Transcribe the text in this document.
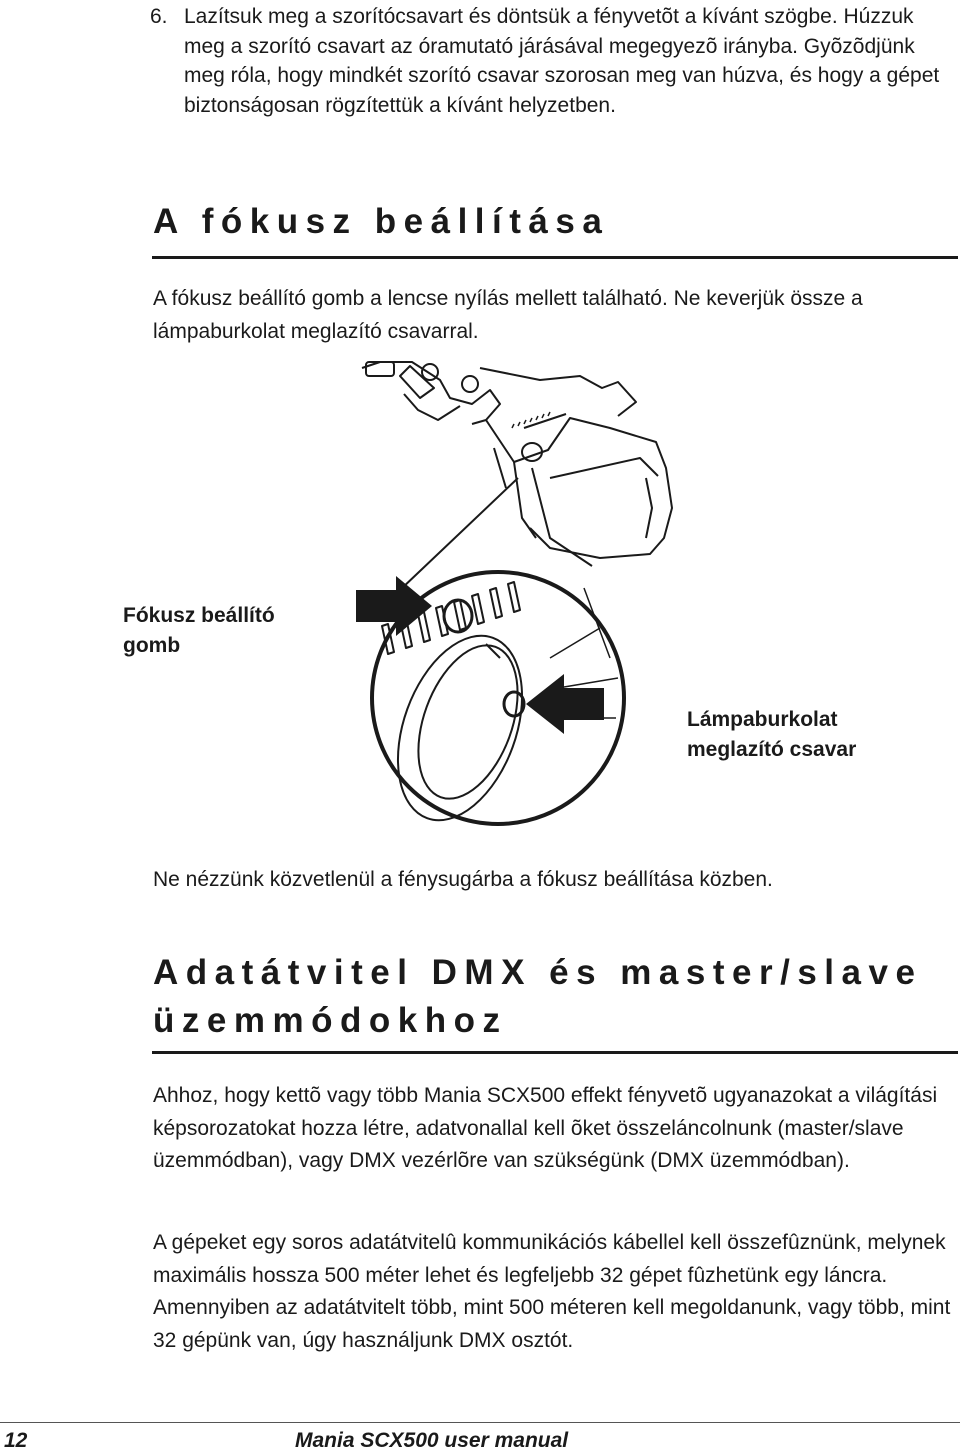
6. Lazítsuk meg a szorítócsavart és döntsük a fényvetõt a kívánt szögbe. Húzzuk meg a szorító csavart az óramutató járásával megegyezõ irányba. Gyõzõdjünk meg róla, hogy mindkét szorító csavar szorosan meg van húzva, és hogy a gépet biztonságosan rögzítettük a kívánt helyzetben.
A fókusz beállítása

A fókusz beállító gomb a lencse nyílás mellett található. Ne keverjük össze a lámpaburkolat meglazító csavarral.

Fókusz beállító
gomb
Lámpaburkolat
meglazító csavar

Ne nézzünk közvetlenül a fénysugárba a fókusz beállítása közben.

Adatátvitel DMX és master/slave üzemmódokhoz

Ahhoz, hogy kettõ vagy több Mania SCX500 effekt fényvetõ ugyanazokat a világítási képsorozatokat hozza létre, adatvonallal kell õket összeláncolnunk (master/slave üzemmódban), vagy DMX vezérlõre van szükségünk (DMX üzemmódban).

A gépeket egy soros adatátvitelû kommunikációs kábellel kell összefûznünk, melynek maximális hossza 500 méter lehet és legfeljebb 32 gépet fûzhetünk egy láncra. Amennyiben az adatátvitelt több, mint 500 méteren kell megoldanunk, vagy több, mint 32 gépünk van, úgy használjunk DMX osztót.

12	Mania SCX500 user manual
